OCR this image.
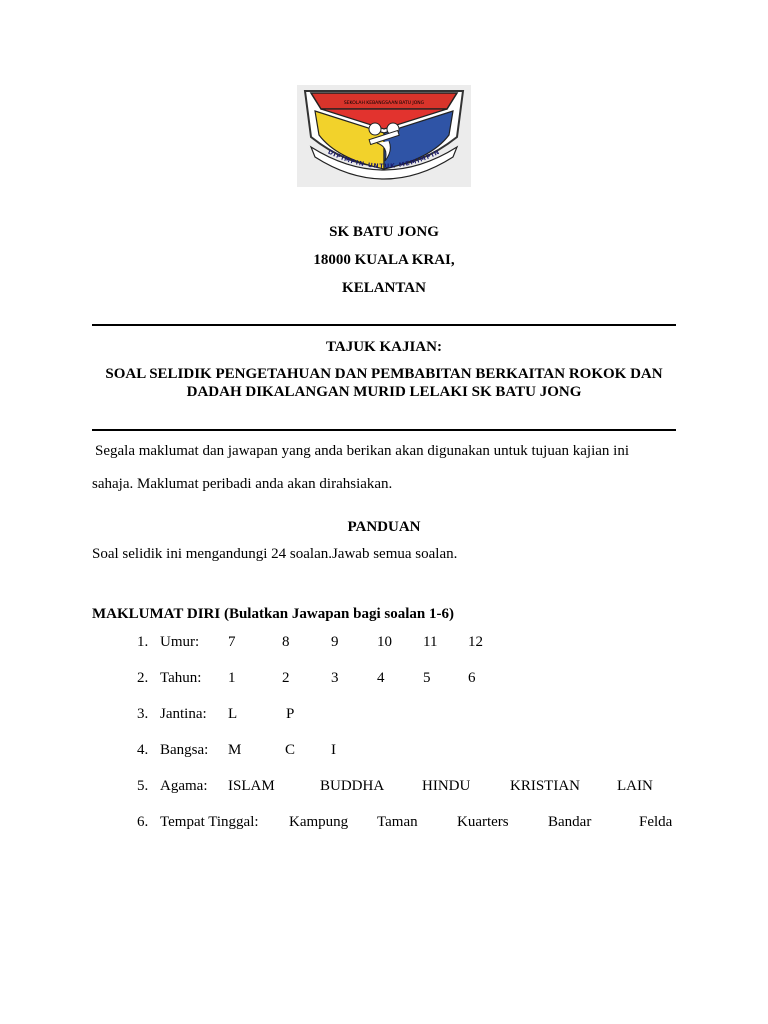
SEKOLAH KEBANGSAAN BATU JONG
DIPIMPIN UNTUK MEMIMPIN
SK BATU JONG
18000 KUALA KRAI,
KELANTAN
TAJUK KAJIAN:
SOAL SELIDIK PENGETAHUAN DAN PEMBABITAN BERKAITAN ROKOK DAN
DADAH DIKALANGAN MURID LELAKI SK BATU JONG
Segala maklumat dan jawapan yang anda berikan akan digunakan untuk tujuan kajian ini
sahaja. Maklumat peribadi anda akan dirahsiakan.
PANDUAN
Soal selidik ini mengandungi 24 soalan.Jawab semua soalan.
MAKLUMAT DIRI (Bulatkan Jawapan bagi soalan 1-6)
1. Umur: 7	8	9	10 11 12
2. Tahun: 1	2	3	4	5	6
3. Jantina: L	P
4. Bangsa: M	C I
5. Agama: ISLAM	BUDDHA	HINDU	KRISTIAN LAIN
6. Tempat Tinggal: Kampung Taman	Kuarters	Bandar	Felda
